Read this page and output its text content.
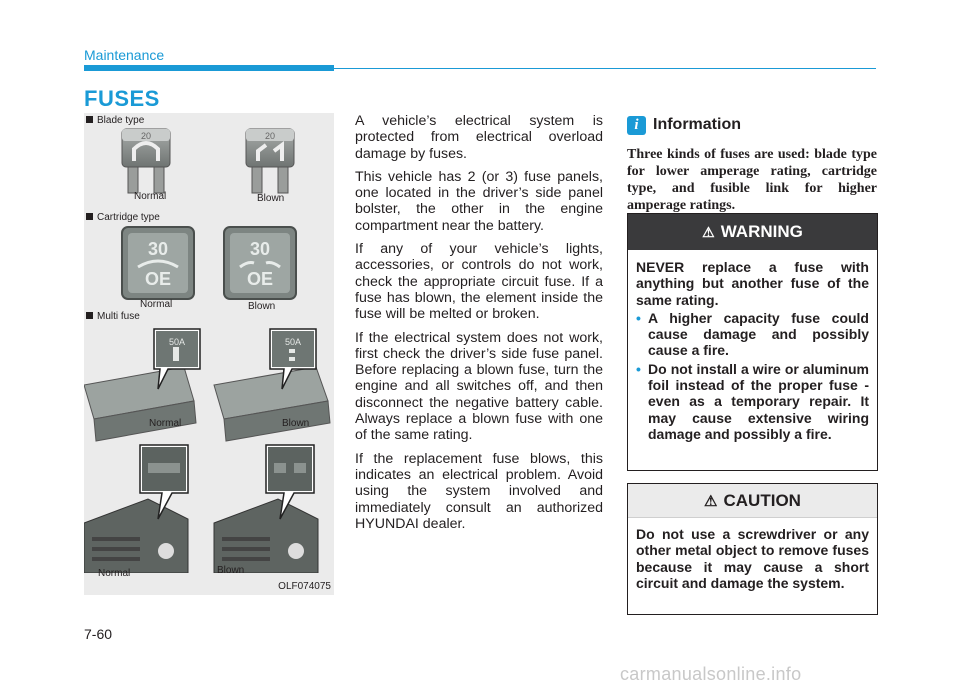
Maintenance
FUSES
Blade type
20	20
Normal	Blown
Cartridge type
30
OE
30
OE
Normal	Blown
Multi fuse
50A	50A
Normal	Blown
Normal	Blown
OLF074075

A vehicle’s electrical system is protected from electrical overload damage by fuses.

This vehicle has 2 (or 3) fuse panels, one located in the driver’s side panel bolster, the other in the engine compartment near the battery.

If any of your vehicle’s lights, accessories, or controls do not work, check the appropriate circuit fuse. If a fuse has blown, the element inside the fuse will be melted or broken.

If the electrical system does not work, first check the driver’s side fuse panel. Before replacing a blown fuse, turn the engine and all switches off, and then disconnect the negative battery cable. Always replace a blown fuse with one of the same rating.

If the replacement fuse blows, this indicates an electrical problem. Avoid using the system involved and immediately consult an authorized HYUNDAI dealer.

i Information
Three kinds of fuses are used: blade type for lower amperage rating, cartridge type, and fusible link for higher amperage ratings.
⚠ WARNING

NEVER replace a fuse with anything but another fuse of the same rating.

• A higher capacity fuse could cause damage and possibly cause a fire.
• Do not install a wire or aluminum foil instead of the proper fuse - even as a temporary repair. It may cause extensive wiring damage and possibly a fire.
⚠ CAUTION
Do not use a screwdriver or any other metal object to remove fuses because it may cause a short circuit and damage the system.
7-60
carmanualsonline.info
